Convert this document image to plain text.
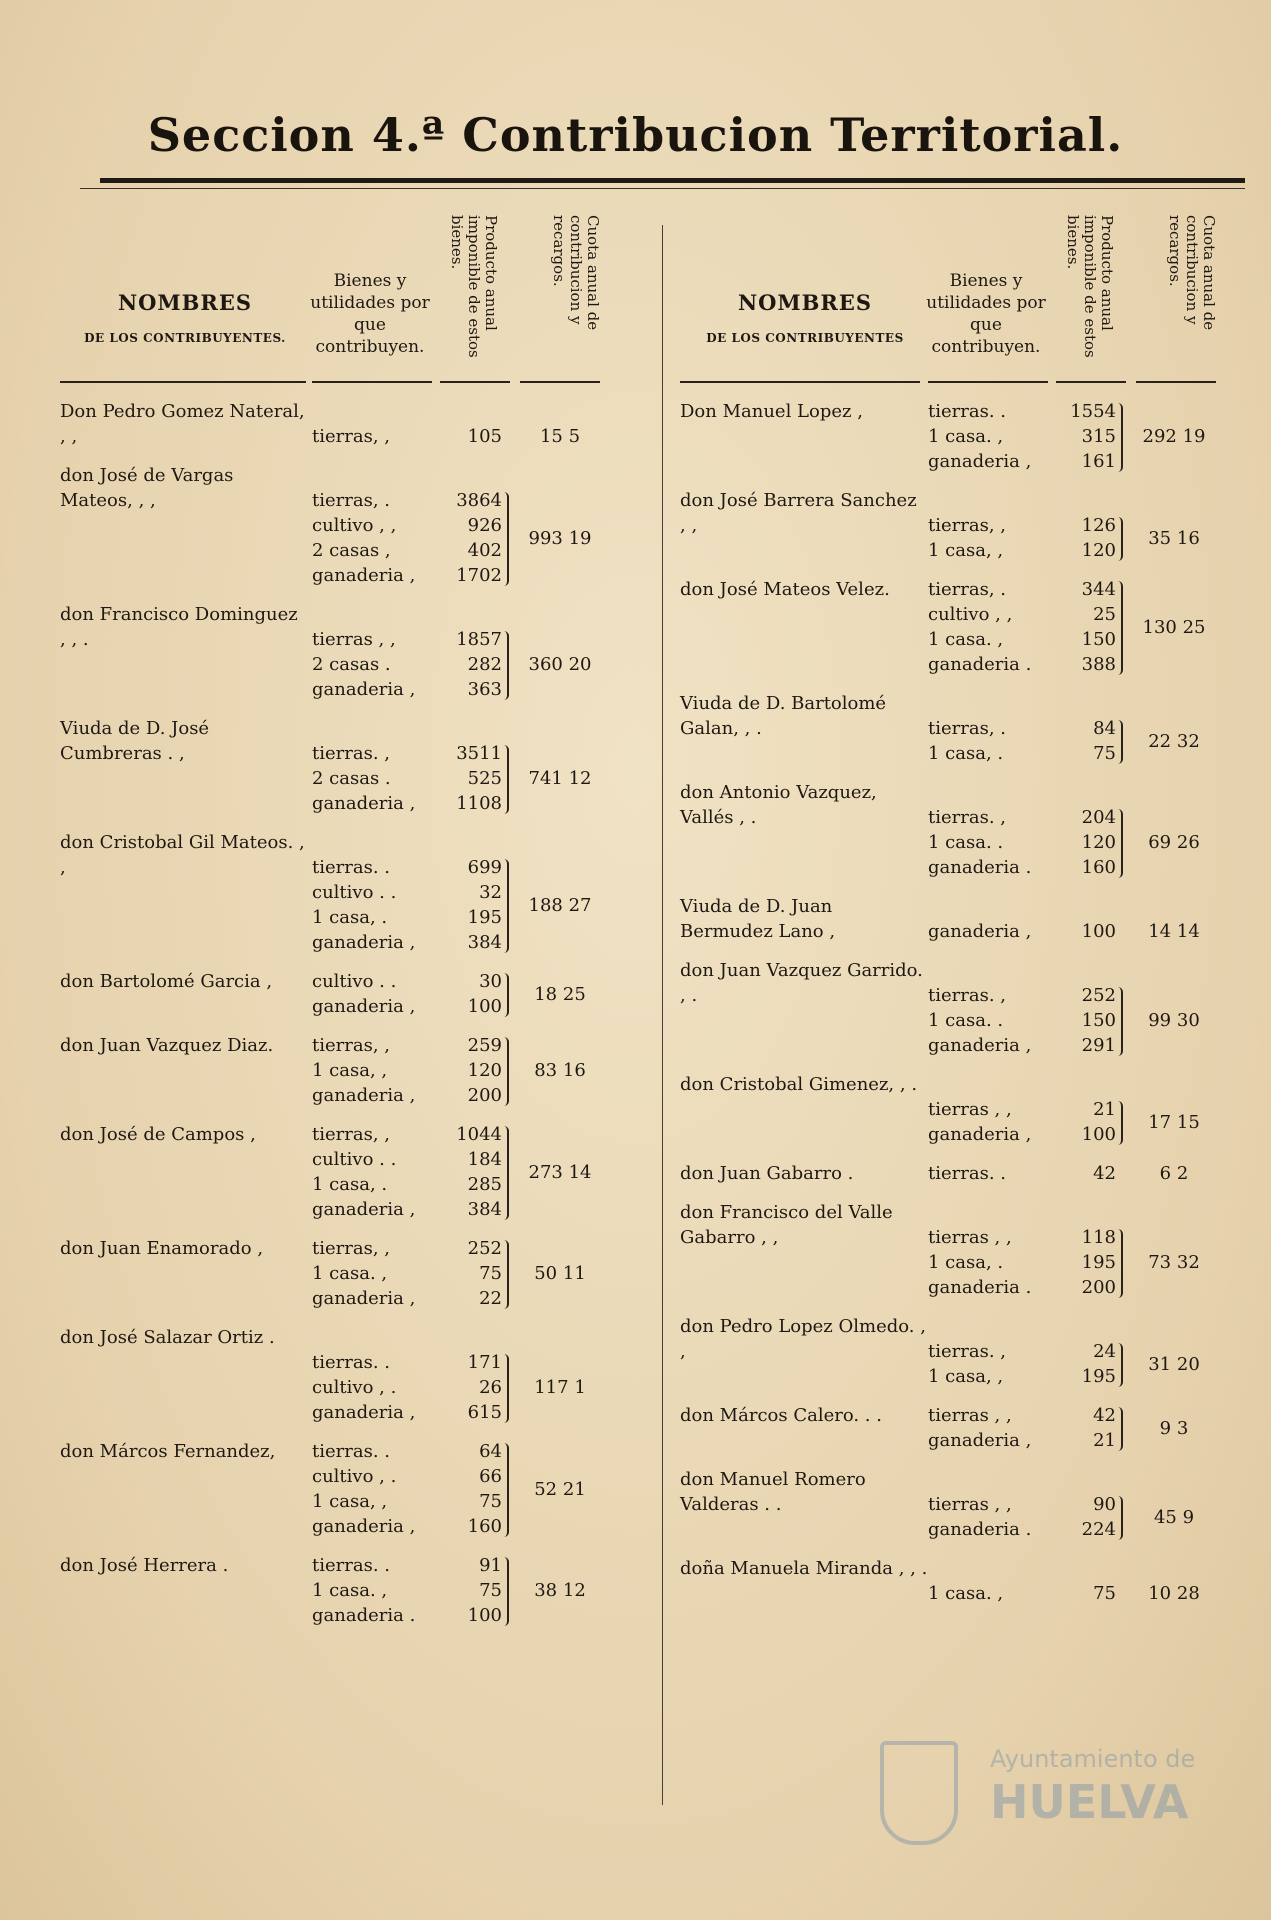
Seccion 4.ª Contribucion Territorial.
NOMBRES
DE LOS CONTRIBUYENTES.
Bienes y utilidades por que contribuyen.
Producto anual imponible de estos bienes.	Cuota anual de contribucion y recargos.
Don Pedro Gomez Nateral, , ,	tierras, ,	105	15 5
don José de Vargas Mateos, , ,	tierras, .	3864
cultivo , ,	926
2 casas ,	402
ganaderia ,	1702
993 19
don Francisco Dominguez , , .	tierras , ,	1857
2 casas .	282
ganaderia ,	363
360 20
Viuda de D. José Cumbreras . ,	tierras. ,	3511
2 casas .	525
ganaderia ,	1108
741 12
don Cristobal Gil Mateos. , ,	tierras. .	699
cultivo . .	32
1 casa, .	195
ganaderia ,	384
188 27
don Bartolomé Garcia ,	cultivo . .	30
ganaderia ,	100
18 25
don Juan Vazquez Diaz.	tierras, ,	259
1 casa, ,	120
ganaderia ,	200
83 16
don José de Campos ,	tierras, ,	1044
cultivo . .	184
1 casa, .	285
ganaderia ,	384
273 14
don Juan Enamorado ,	tierras, ,	252
1 casa. ,	75
ganaderia ,	22
50 11
don José Salazar Ortiz .
tierras. .	171
cultivo , .	26
ganaderia ,	615
117 1
don Márcos Fernandez,	tierras. .	64
cultivo , .	66
1 casa, ,	75
ganaderia ,	160
52 21
don José Herrera .	tierras. .	91
1 casa. ,	75
ganaderia .	100
38 12
NOMBRES
DE LOS CONTRIBUYENTES
Bienes y utilidades por que contribuyen.
Producto anual imponible de estos bienes.	Cuota anual de contribucion y recargos.
Don Manuel Lopez ,	tierras. .	1554
1 casa. ,	315
ganaderia ,	161
292 19
don José Barrera Sanchez , ,	tierras, ,	126
1 casa, ,	120
35 16
don José Mateos Velez.	tierras, .	344
cultivo , ,	25
1 casa. ,	150
ganaderia .	388
130 25
Viuda de D. Bartolomé Galan, , .	tierras, .	84
1 casa, .	75
22 32
don Antonio Vazquez, Vallés , .	tierras. ,	204
1 casa. .	120
ganaderia .	160
69 26
Viuda de D. Juan Bermudez Lano ,	ganaderia ,	100	14 14
don Juan Vazquez Garrido. , .	tierras. ,	252
1 casa. .	150
ganaderia ,	291
99 30
don Cristobal Gimenez, , .
tierras , ,	21
ganaderia ,	100
17 15
don Juan Gabarro .	tierras. .	42	6 2
don Francisco del Valle Gabarro , ,	tierras , ,	118
1 casa, .	195
ganaderia .	200
73 32
don Pedro Lopez Olmedo. , ,	tierras. ,	24
1 casa, ,	195
31 20
don Márcos Calero. . .	tierras , ,	42
ganaderia ,	21
9 3
don Manuel Romero Valderas . .	tierras , ,	90
ganaderia .	224
45 9
doña Manuela Miranda , , .
1 casa. ,	75	10 28
Ayuntamiento de
HUELVA
